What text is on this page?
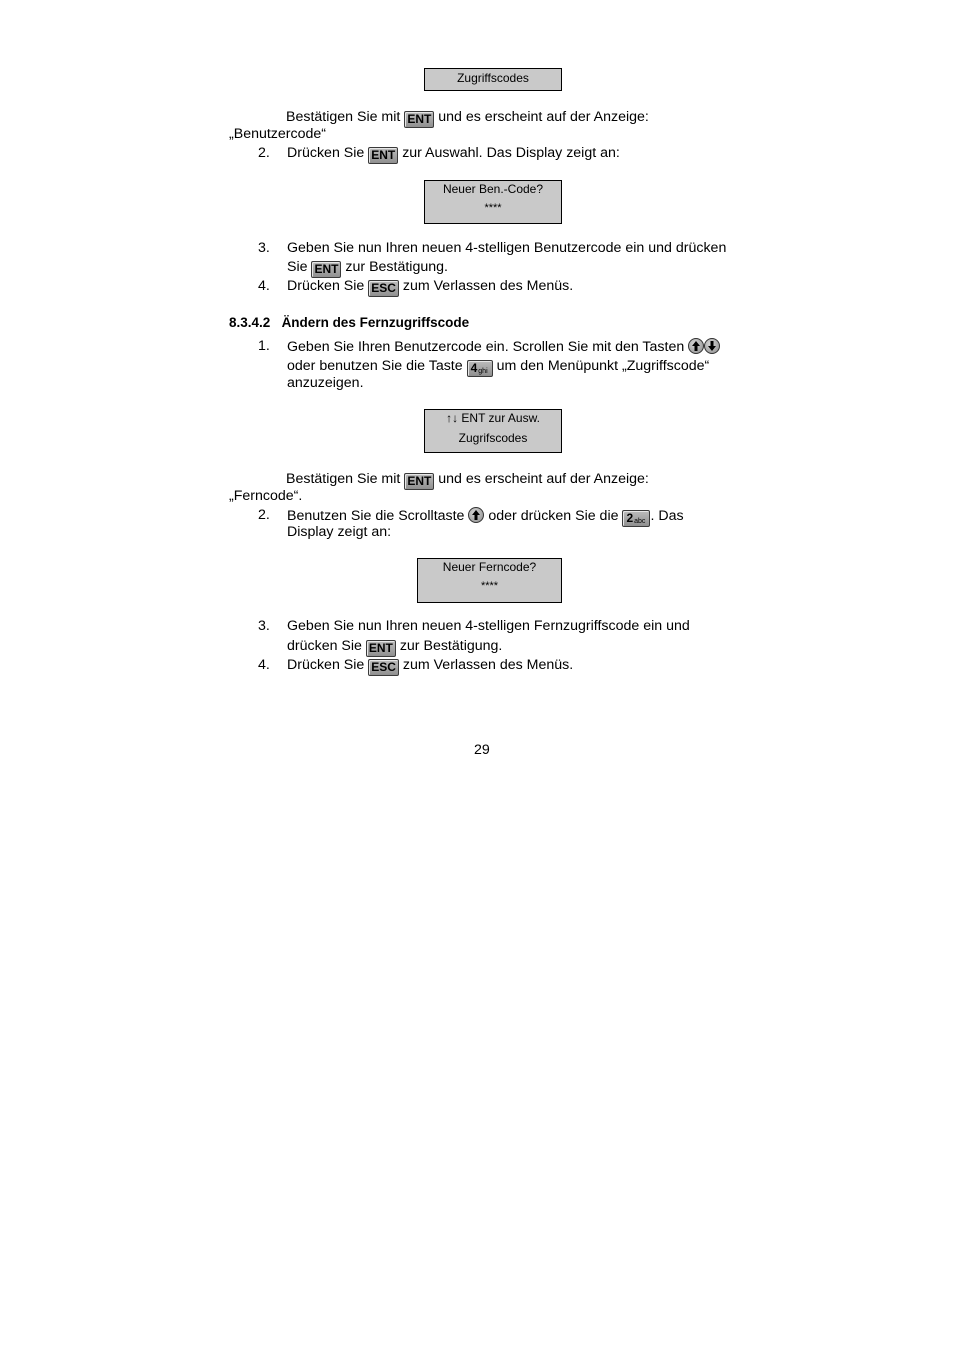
Zugriffscodes
Bestätigen Sie mit ENT und es erscheint auf der Anzeige:
„Benutzercode“
2. Drücken Sie ENT zur Auswahl. Das Display zeigt an:
Neuer Ben.-Code?
****
3. Geben Sie nun Ihren neuen 4-stelligen Benutzercode ein und drücken
Sie ENT zur Bestätigung.
4. Drücken Sie ESC zum Verlassen des Menüs.
8.3.4.2 Ändern des Fernzugriffscode
1. Geben Sie Ihren Benutzercode ein. Scrollen Sie mit den Tasten
oder benutzen Sie die Taste $4_{ghi}$ um den Menüpunkt „Zugriffscode“
anzuzeigen.
↑↓ ENT zur Ausw.
Zugrifscodes
Bestätigen Sie mit ENT und es erscheint auf der Anzeige:
„Ferncode“.
2. Benutzen Sie die Scrolltaste oder drücken Sie die $2_{abc}$ . Das
Display zeigt an:
Neuer Ferncode?
****
3. Geben Sie nun Ihren neuen 4-stelligen Fernzugriffscode ein und
drücken Sie ENT zur Bestätigung.
4. Drücken Sie ESC zum Verlassen des Menüs.
29
